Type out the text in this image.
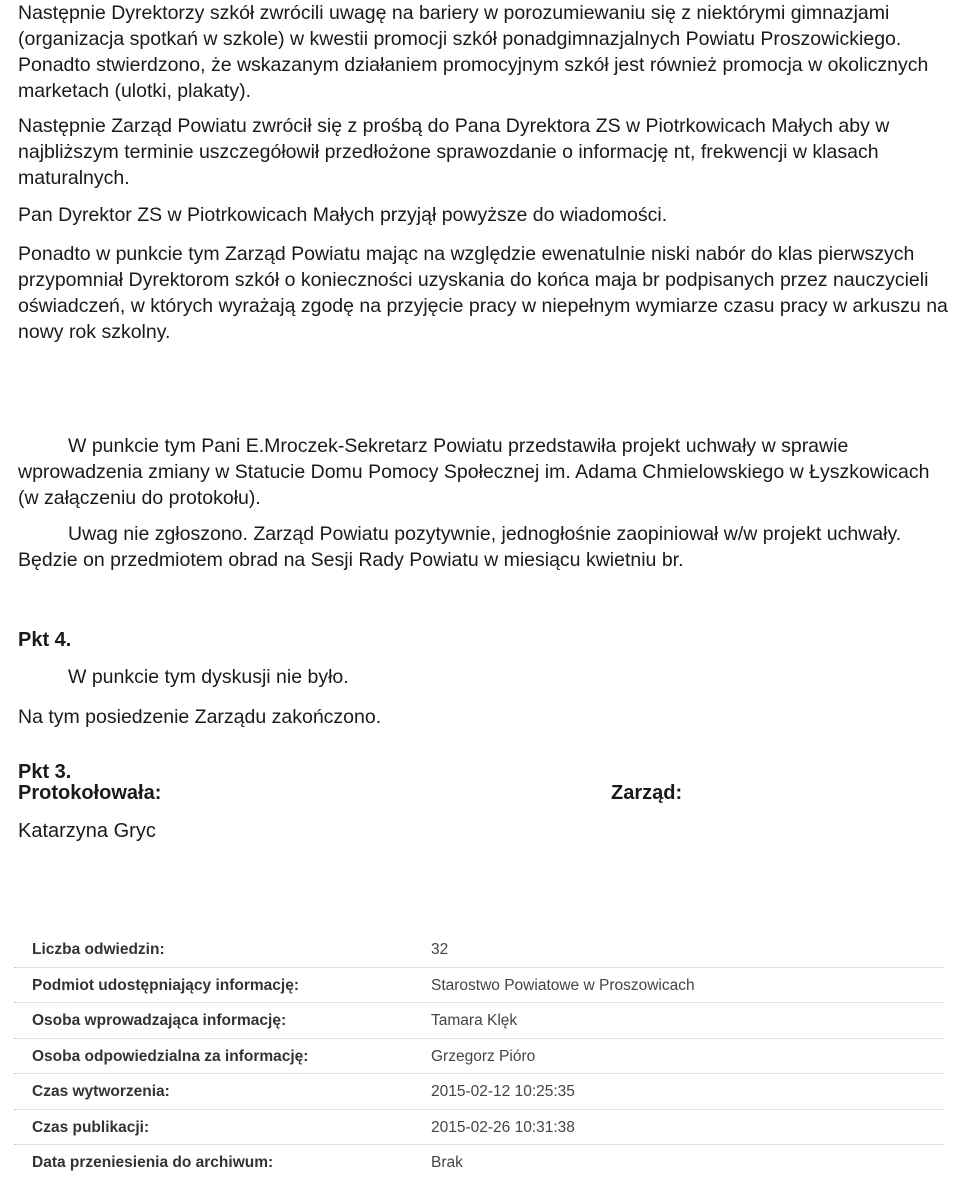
Następnie Dyrektorzy szkół zwrócili uwagę na bariery w porozumiewaniu się z niektórymi gimnazjami (organizacja spotkań w szkole) w kwestii promocji szkół ponadgimnazjalnych Powiatu Proszowickiego. Ponadto stwierdzono, że wskazanym działaniem promocyjnym szkół jest również promocja w okolicznych marketach (ulotki, plakaty).

Następnie Zarząd Powiatu zwrócił się z prośbą do Pana Dyrektora ZS w Piotrkowicach Małych aby w najbliższym terminie uszczegółowił przedłożone sprawozdanie o informację nt, frekwencji w klasach maturalnych.

Pan Dyrektor ZS w Piotrkowicach Małych przyjął powyższe do wiadomości.

Ponadto w punkcie tym Zarząd Powiatu mając na względzie ewenatulnie niski nabór do klas pierwszych przypomniał Dyrektorom szkół o konieczności uzyskania do końca maja br podpisanych przez nauczycieli oświadczeń, w których wyrażają zgodę na przyjęcie pracy w niepełnym wymiarze czasu pracy w arkuszu na nowy rok szkolny.

Pkt 3.

W punkcie tym Pani E.Mroczek-Sekretarz Powiatu przedstawiła projekt uchwały w sprawie wprowadzenia zmiany w Statucie Domu Pomocy Społecznej im. Adama Chmielowskiego w Łyszkowicach (w załączeniu do protokołu).

Uwag nie zgłoszono. Zarząd Powiatu pozytywnie, jednogłośnie zaopiniował w/w projekt uchwały. Będzie on przedmiotem obrad na Sesji Rady Powiatu w miesiącu kwietniu br.

Pkt 4.

W punkcie tym dyskusji nie było.

Na tym posiedzenie Zarządu zakończono.

Protokołowała:	Zarząd:

Katarzyna Gryc

Liczba odwiedzin:	32
Podmiot udostępniający informację:	Starostwo Powiatowe w Proszowicach
Osoba wprowadzająca informację:	Tamara Klęk
Osoba odpowiedzialna za informację:	Grzegorz Pióro
Czas wytworzenia:	2015-02-12 10:25:35
Czas publikacji:	2015-02-26 10:31:38
Data przeniesienia do archiwum:	Brak
